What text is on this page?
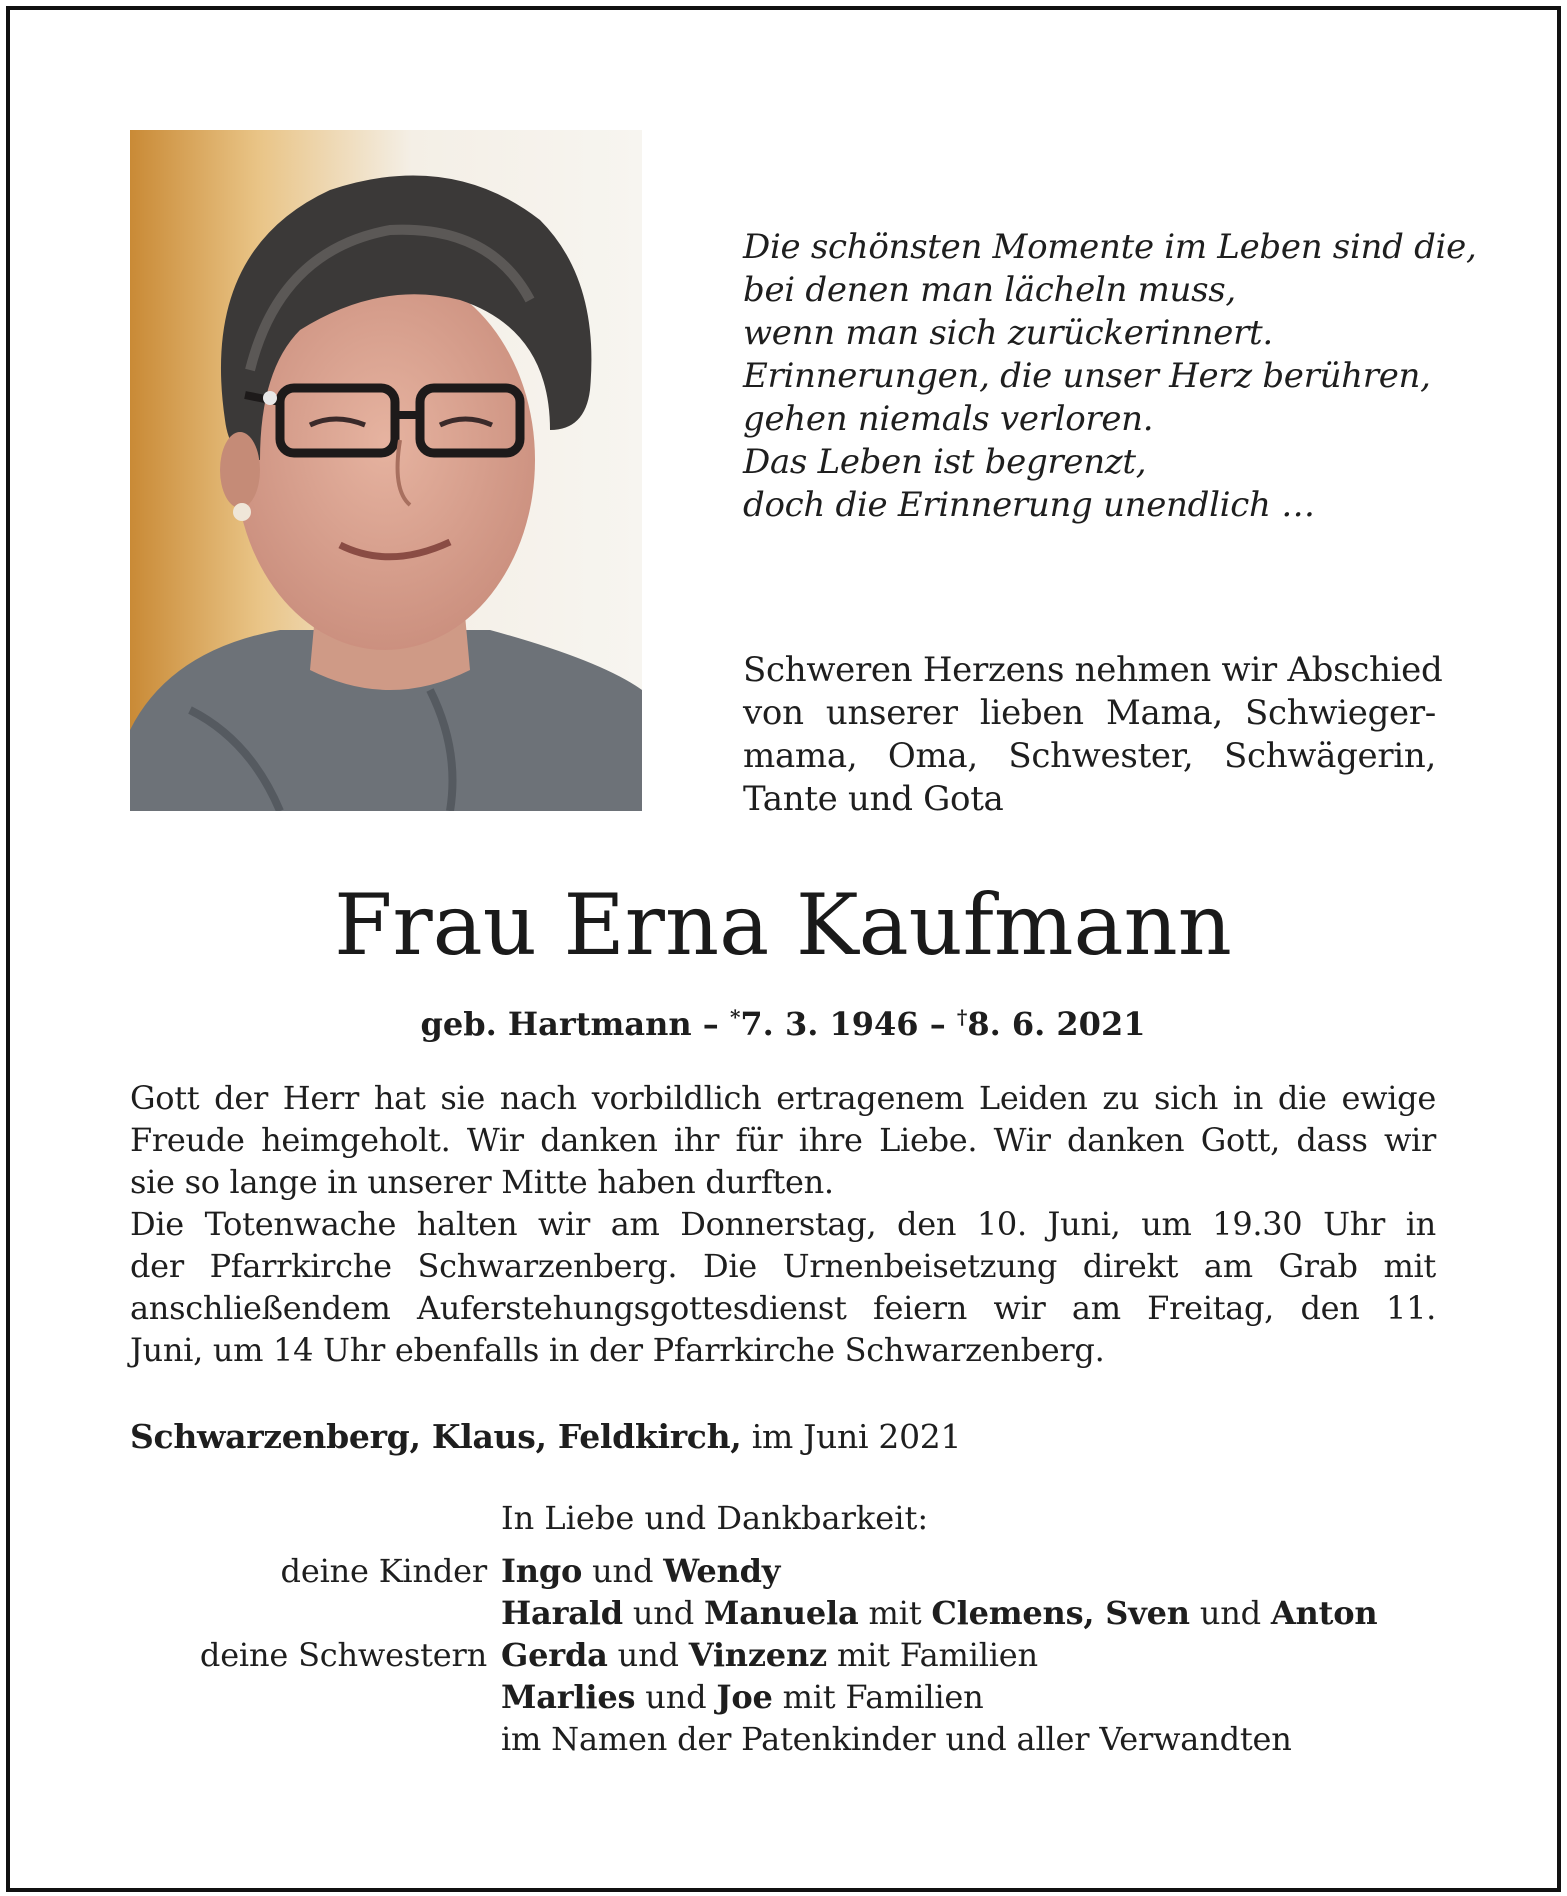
Die schönsten Momente im Leben sind die,
bei denen man lächeln muss,
wenn man sich zurückerinnert.
Erinnerungen, die unser Herz berühren,
gehen niemals verloren.
Das Leben ist begrenzt,
doch die Erinnerung unendlich …
Schweren Herzens nehmen wir Abschied
von unserer lieben Mama, Schwieger-
mama, Oma, Schwester, Schwägerin,
Tante und Gota
Frau Erna Kaufmann
geb. Hartmann – *7. 3. 1946 – †8. 6. 2021
Gott der Herr hat sie nach vorbildlich ertragenem Leiden zu sich in die ewige
Freude heimgeholt. Wir danken ihr für ihre Liebe. Wir danken Gott, dass wir
sie so lange in unserer Mitte haben durften.
Die Totenwache halten wir am Donnerstag, den 10. Juni, um 19.30 Uhr in
der Pfarrkirche Schwarzenberg. Die Urnenbeisetzung direkt am Grab mit
anschließendem Auferstehungsgottesdienst feiern wir am Freitag, den 11.
Juni, um 14 Uhr ebenfalls in der Pfarrkirche Schwarzenberg.
Schwarzenberg, Klaus, Feldkirch, im Juni 2021
In Liebe und Dankbarkeit:
deine Kinder Ingo und Wendy
Harald und Manuela mit Clemens, Sven und Anton
deine Schwestern Gerda und Vinzenz mit Familien
Marlies und Joe mit Familien
im Namen der Patenkinder und aller Verwandten
